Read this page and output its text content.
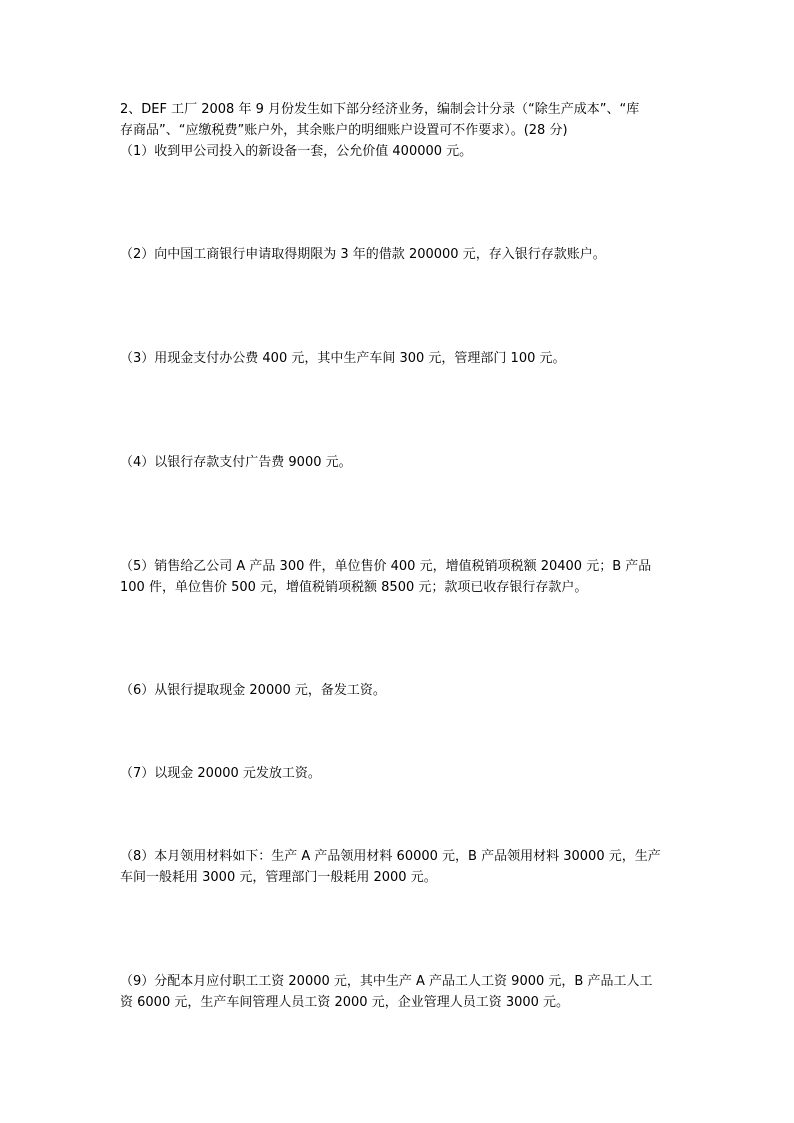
2、DEF 工厂 2008 年 9 月份发生如下部分经济业务，编制会计分录（“除生产成本”、“库

存商品”、“应缴税费”账户外，其余账户的明细账户设置可不作要求）。(28 分)

（1）收到甲公司投入的新设备一套，公允价值 400000 元。

（2）向中国工商银行申请取得期限为 3 年的借款 200000 元，存入银行存款账户。

（3）用现金支付办公费 400 元，其中生产车间 300 元，管理部门 100 元。

（4）以银行存款支付广告费 9000 元。

（5）销售给乙公司 A 产品 300 件，单位售价 400 元，增值税销项税额 20400 元；B 产品

100 件，单位售价 500 元，增值税销项税额 8500 元；款项已收存银行存款户。

（6）从银行提取现金 20000 元，备发工资。

（7）以现金 20000 元发放工资。

（8）本月领用材料如下：生产 A 产品领用材料 60000 元，B 产品领用材料 30000 元，生产

车间一般耗用 3000 元，管理部门一般耗用 2000 元。

（9）分配本月应付职工工资 20000 元，其中生产 A 产品工人工资 9000 元，B 产品工人工

资 6000 元，生产车间管理人员工资 2000 元，企业管理人员工资 3000 元。
